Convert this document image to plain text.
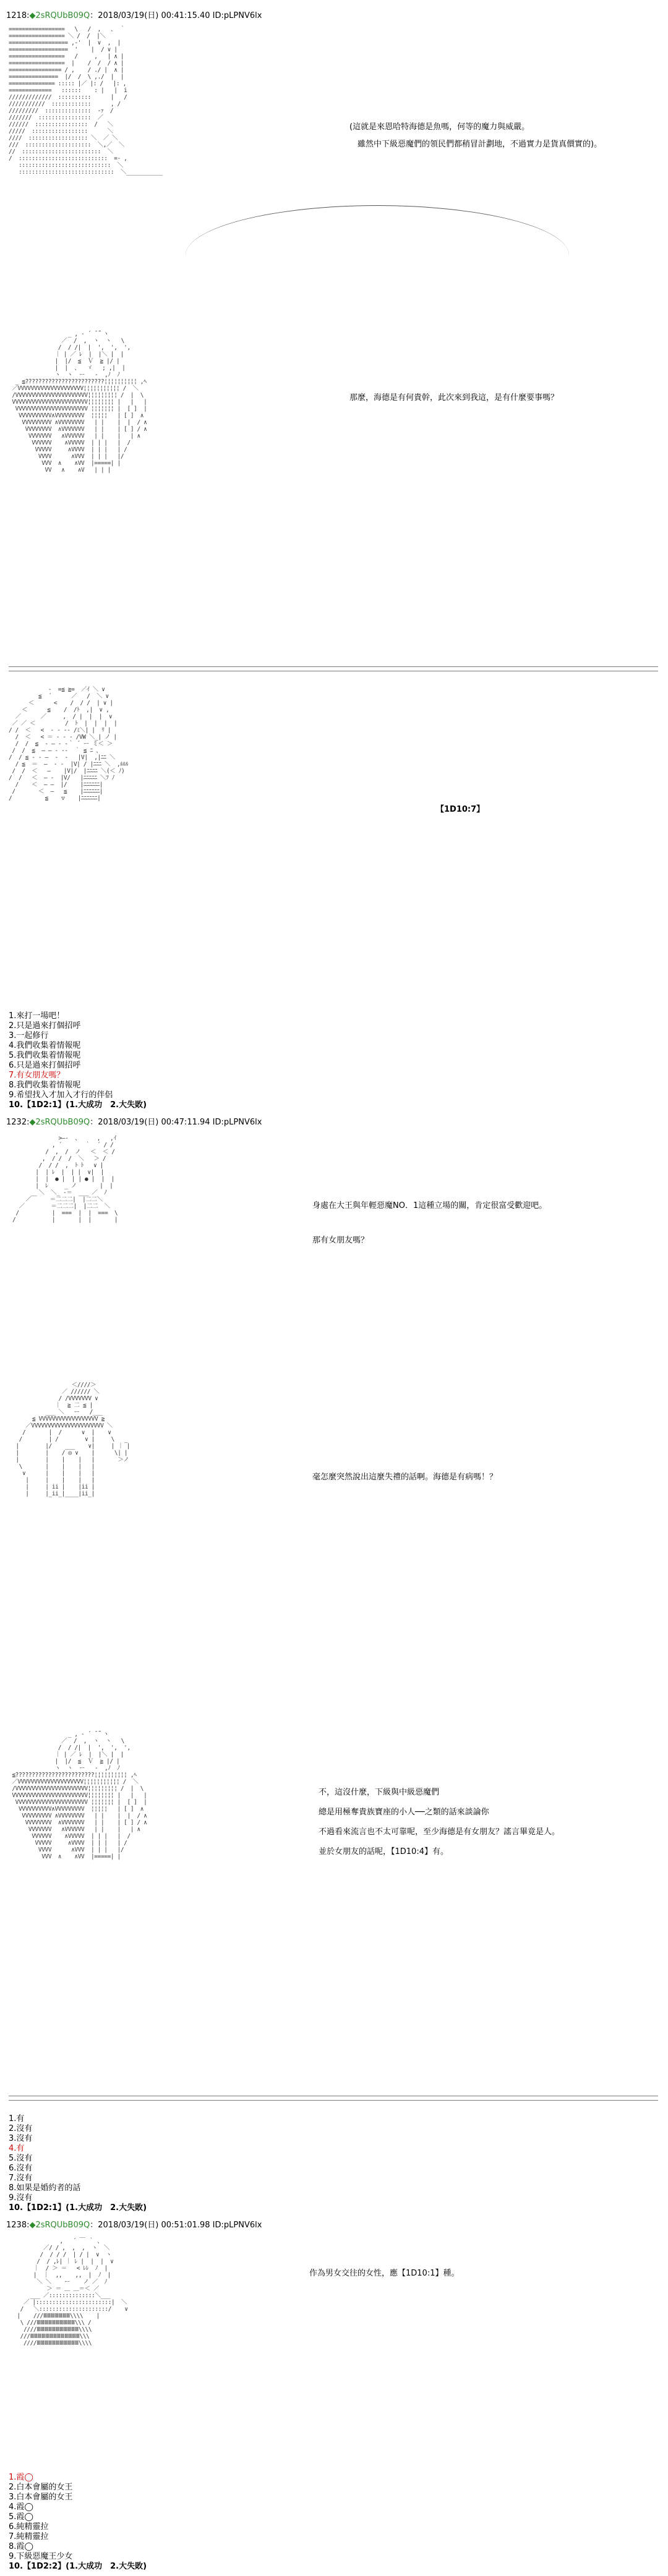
1218:◆2sRQUbB09Q：2018/03/19(日) 00:41:15.40 ID:pLPNV6lx
=================   \   /  ,   、 ｀
================= ＼ /  /  |＼
================== ,-'  |  ∨  ,  |
==================  '    |  / ∨ |
=================   /     ,   | ∧ |
=================  |    /  /  / ∧ |
================ / ,    / ./ |  ∧ |
===============  |/  /  \ ,./  |  |
============== ::::: |／ |: /   |: ,
=============   ::::::    : |   |  i
/////////////  ::::::::::      |   /
///////////  ::::::::::::      , /
/////////  ::::::::::::::  -ｧ  /
///////  ::::::::::::::::  ／
//////  ::::::::::::::::  /   ＼
/////  :::::::::::::::::      ＼
////  :::::::::::::::::: ＼  ／ ＼
///  ::::::::::::::::::::  ＼,／  ＼
//  ::::::::::::::::::::::::  ＼
/  :::::::::::::::::::::::::::  =- ,
::::::::::::::::::::::::::::  ＼
:::::::::::::::::::::::::::::  ＼___________
(這就是來恩哈特海德是魚嗎，何等的魔力與威嚴。
　雖然中下級惡魔們的領民們都稍冒計劃地，不過實力是貨真價實的)。
_ , ‐ ´ ̄ ̄｀ヽ
／  /  ,  ヽ  ヽ   \
/  / /|  |  ',  ',  ',
｜ | ／ ﾚ  |  |＼ |  |
|  |/  ≦  Ｖ  ≧ |/ |
|  |  、  ゞ   ; ,|  |
ヽ  ヽ  ー   ‐  ,ﾉ  ﾉ
_ ≦????????????????????????¦¦¦¦¦¦¦¦¦¦ ,ﾍ
／VVVVVVVVVVVVVVVVVVVV¦¦¦¦¦¦¦¦¦¦¦ /  ＼
/VVVVVVVVVVVVVVVVVVVVVV¦¦¦¦¦¦¦¦¦ /  |  \
VVVVVVVVVVVVVVVVVVVVVVV¦¦¦¦¦¦¦¦ |   |   |
VVVVVVVVVVVVVVVVVVVVVV ¦¦¦¦¦¦¦ |  [ ]  |
VVVVVVVVVV∧VVVVVVVVV  ¦¦¦¦¦   | [ ]  ∧
VVVVVVVVV ∧VVVVVVVV   | |    |  |  / ∧
VVVVVVVV  ∧VVVVVVV   | |    | [ ] / ∧
VVVVVVV   ∧VVVVVV   | |    |   | ∧
VVVVVV    ∧VVVVV  | | |   |  /
VVVVV     ∧VVVV  | | |   | /
VVVV      ∧VVV  | | |   |/
VVV  ∧    ∧VV  |=====| |
VV   ∧    ∧V   | | |
那麼，海德是有何貴幹，此次來到我這，是有什麼要事嗎？
-  =≦ ≧=  ／ｲ ＼ ∨
≦  ´      ／   /  ＼ ∨
＜      <    /  / /  | ∨ |
＜      ≦    /  /ﾄ  ,|  ∨ ,
／      ／     ,  / |  |  |  ∨
／ ／ ＜         /  ﾄ  |  |  |  |
/ /  ＜   <  - - -- /ﾐ＼| |  ﾘ |
/  ＜   < ＝ - - - /VW ＼_| ノ |
/  /  ≦  - ― ‐ -｀ ´ ー ミ＜ ＞
/  /  ≦  ― ― ‐ ‐-  ｀ ≦ ﾆ 、
/  / ≦ ‐ - ―  -  ‐   |V|  ,|ﾆﾆ ＼
/ ≦  ＝  ―  ‐ -  |V| / |ﾆﾆﾆ ＼  ,ﾙﾙﾙ
/  /  ＜   ―    |V|/  |ﾆﾆﾆﾆ ＼(＜ ﾉ)
/  /   ＜  ― -  |V/   |ﾆﾆﾆﾆﾆ ＼ﾌ ﾉ
/    ＜  ― ―  |/    |ﾆﾆﾆﾆﾆﾆ|
/       ＜  ―   ≦    |ﾆﾆﾆﾆﾆﾆ|
/          ≦    ▽    |ﾆﾆﾆﾆﾆﾆ|
【1D10:7】
1.來打一場吧！
2.只是過來打個招呼
3.一起修行
4.我們收集着情報呢
5.我們收集着情報呢
6.只是過來打個招呼
7.有女朋友嗎？
8.我們收集着情報呢
9.希望找入才加入才行的伴侶
10.【1D2:1】(1.大成功　2.大失敗)
1232:◆2sRQUbB09Q：2018/03/19(日) 00:47:11.94 ID:pLPNV6lx
>―-  、     ,   ,ｲ
, ´       ｀  ´ / /
/  ,  /  ノ   ＜  ＜ /
,  / /  /  ＼   ＞ /
/  / /  ,  ﾄ ﾄ   ∨ |
|  | ﾚ  |  | |  ∨|  |
|  |  ● |  | | ● |  |  |
|  ﾚ     _ ノ       |  |
＼  ＼_ ‐＝  ___ ／  ﾉ
／￣    ＝二二二|  |二二＼
／        ＝二二二|  |二二  ＼
/          |  ===  |  |  ===  \
/           |       |  |       |
身處在大王與年輕惡魔NO．1這種立場的關，肯定很富受歡迎吧。
那有女朋友嗎？
＜////＞
／ ////// ＼
/ /VVVVVVV ∨
｜  ≧ 二 ≦ |
___ ＼   ー   /___
≦ VVVVVVVVVVVVVVVVVV ≧
／VVVVVVVVVVVVVVVVVVVVVV ＼
/       |  /      ∨  |    ∨
/        | /        ∨ |     \   _
|        |/    ___    ∨|     | ｜ |
|        |    / ◎ ∨    |      \| |
|        |    |    |   |       ＞ノ
\       |    |    |   |
∨      |    |    |   |
|     |    |    |   |
|     | ii |    |ii |
|     |_ii_|____|ii_|
毫怎麼突然說出這麼失禮的話啊。海德是有病嗎！？
_ , ‐ ´ ̄ ̄｀ヽ
／  /  ,  ヽ  ヽ   \
/  / /|  |  ',  ',  ',
｜ | ／ ﾚ  |  |＼ |  |
|  |/  ≦  Ｖ  ≧ |/ |
ヽ  ヽ  ー   ‐  ,ﾉ  ﾉ
≦????????????????????????¦¦¦¦¦¦¦¦¦¦ ,ﾍ
／VVVVVVVVVVVVVVVVVVVV¦¦¦¦¦¦¦¦¦¦¦ /  ＼
/VVVVVVVVVVVVVVVVVVVVVV¦¦¦¦¦¦¦¦¦ /  |  \
VVVVVVVVVVVVVVVVVVVVVVV¦¦¦¦¦¦¦¦ |   |   |
VVVVVVVVVVVVVVVVVVVVVV ¦¦¦¦¦¦¦ |  [ ]  |
VVVVVVVVVV∧VVVVVVVVV  ¦¦¦¦¦   | [ ]  ∧
VVVVVVVVV ∧VVVVVVVV   | |    |  |  / ∧
VVVVVVVV  ∧VVVVVVV   | |    | [ ] / ∧
VVVVVVV   ∧VVVVVV   | |    |   | ∧
VVVVVV    ∧VVVVV  | | |   |  /
VVVVV     ∧VVVV  | | |   | /
VVVV      ∧VVV  | | |   |/
VVV  ∧    ∧VV  |=====| |
不，這沒什麼，下級與中級惡魔們
總是用極奪貴族寶座的小人──之類的話來談論你
不過看來流言也不太可靠呢，至少海德是有女朋友？謠言畢竟是人。
並於女朋友的話呢，【1D10:4】有。
1.有
2.沒有
3.沒有
4.有
5.沒有
6.沒有
7.沒有
8.如果是婚約者的話
9.沒有
10.【1D2:1】(1.大成功　2.大失敗)
1238:◆2sRQUbB09Q：2018/03/19(日) 00:51:01.98 ID:pLPNV6lx
,   ´ ￣ ｀ 、
／/ / ,  ,  ,  ヽ  ＼
/  / / /  | / |  ∨  ヽ
/  / ,ﾚ| ｜ ﾚ |  |  |  ∨
｜  / ＞ ＝   < ﾚﾚ  ﾉ  |
|  ｜  ,,    ,,  |  ﾉ  |
＼ ＼    ー    ノ ／  ﾉ
＞ ＝ ＿ ＿＝＜ ／
___ ／::::::::::::::＼___
／ |:::::::::::::::::::::::|  ＼
/   ＼:::::::::::::::::::::/    ∨
|    ///ⅢⅢⅢⅢⅢⅢⅢ\\\\    |
\ ///ⅢⅢⅢⅢⅢⅢⅢⅢⅢⅢ\\\ /
////ⅢⅢⅢⅢⅢⅢⅢⅢⅢⅢⅢ\\\\
///ⅢⅢⅢⅢⅢⅢⅢⅢⅢⅢⅢⅢⅢ\\\
////ⅢⅢⅢⅢⅢⅢⅢⅢⅢⅢⅢ\\\\
作為男女交往的女性，應【1D10:1】種。
1.霞◯
2.白本會屬的女王
3.白本會屬的女王
4.霞◯
5.霞◯
6.純精靈拉
7.純精靈拉
8.霞◯
9.下級惡魔王少女
10.【1D2:2】(1.大成功　2.大失敗)
